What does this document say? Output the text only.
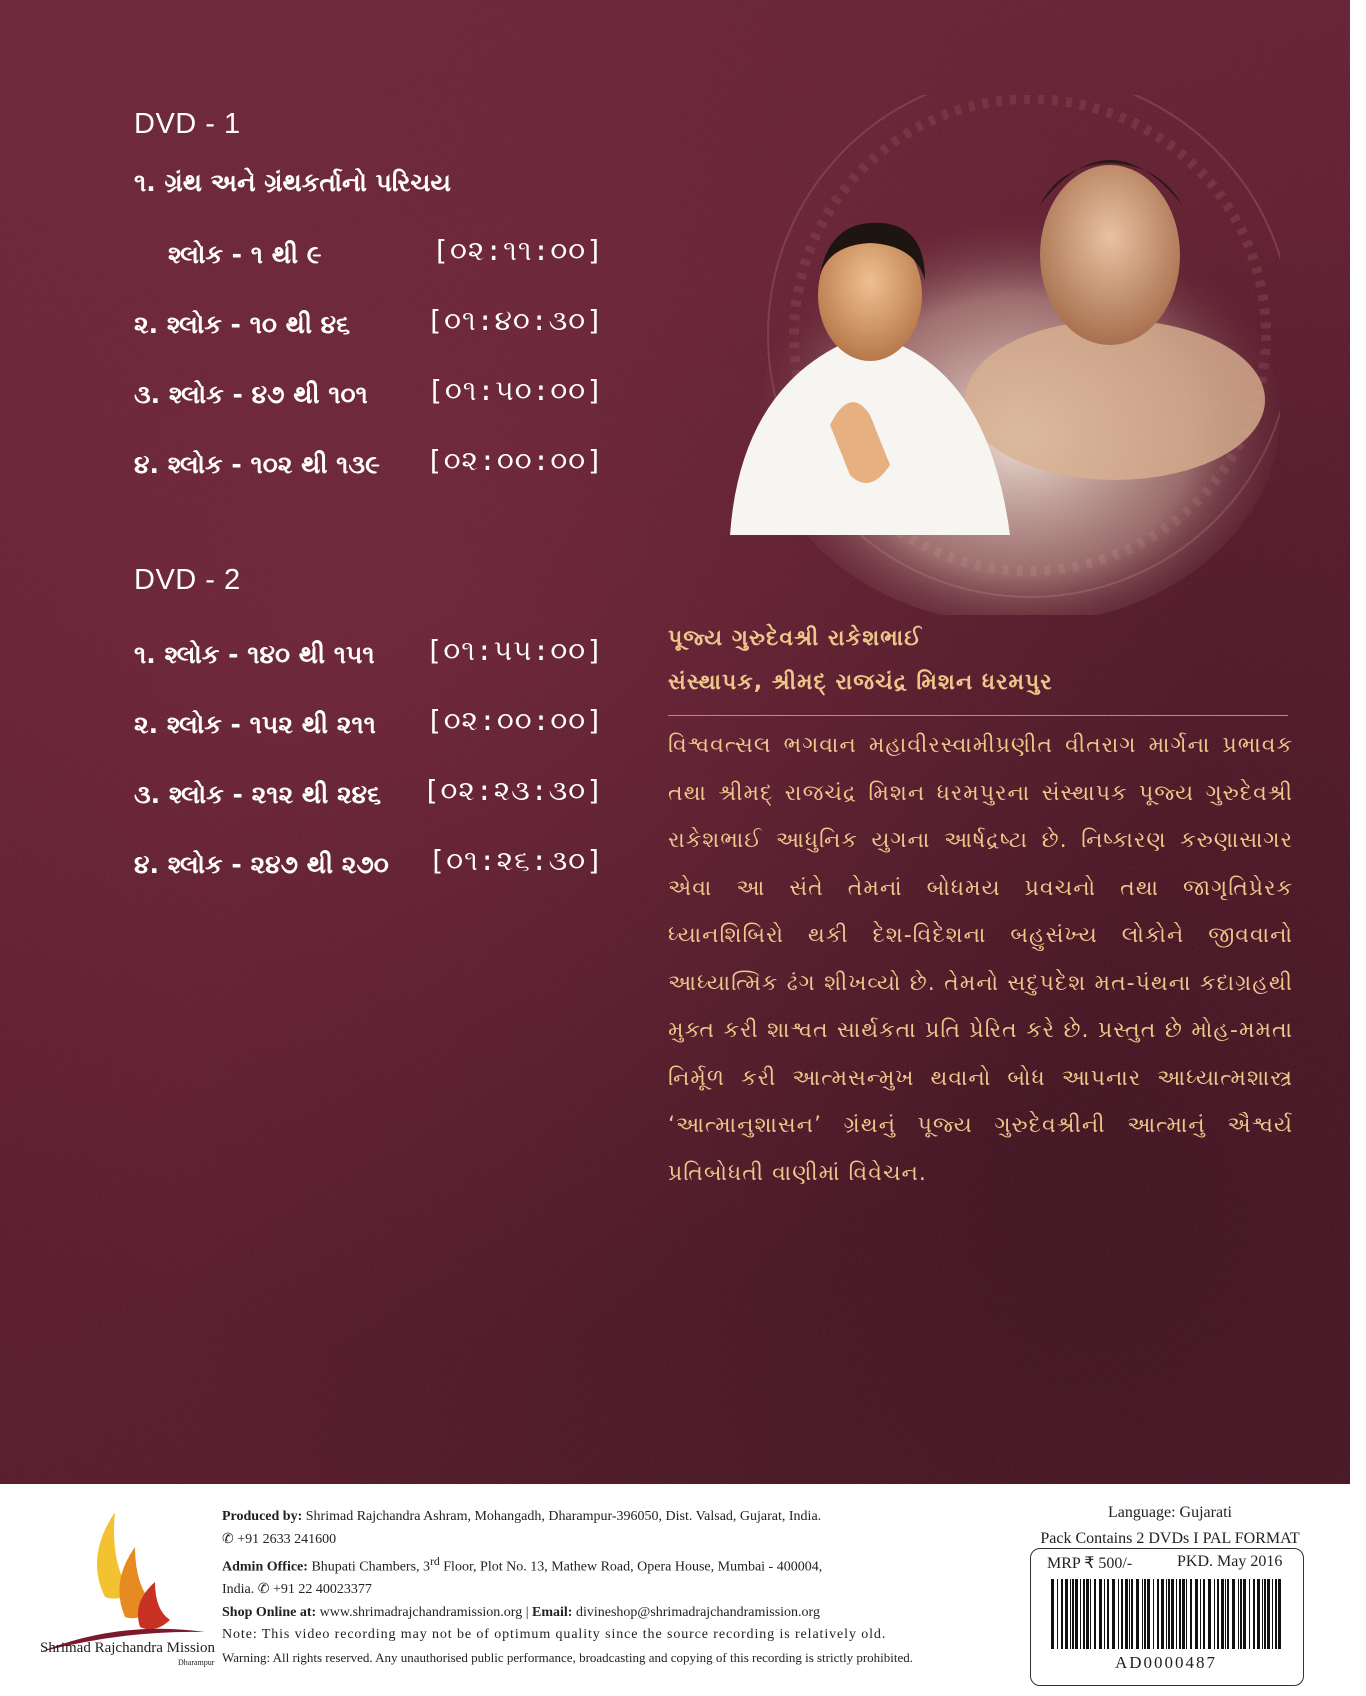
DVD - 1
૧. ગ્રંથ અને ગ્રંથકર્તાનો પરિચય
શ્લોક - ૧ થી ૯	[૦૨:૧૧:૦૦]
૨. શ્લોક - ૧૦ થી ૪૬	[૦૧:૪૦:૩૦]
૩. શ્લોક - ૪૭ થી ૧૦૧ [૦૧:૫૦:૦૦]
૪. શ્લોક - ૧૦૨ થી ૧૩૯ [૦૨:૦૦:૦૦]
DVD - 2
૧. શ્લોક - ૧૪૦ થી ૧૫૧ [૦૧:૫૫:૦૦]
૨. શ્લોક - ૧૫૨ થી ૨૧૧ [૦૨:૦૦:૦૦]
૩. શ્લોક - ૨૧૨ થી ૨૪૬ [૦૨:૨૩:૩૦]
૪. શ્લોક - ૨૪૭ થી ૨૭૦ [૦૧:૨૬:૩૦]
પૂજ્ય ગુરુદેવશ્રી રાકેશભાઈ
સંસ્થાપક, શ્રીમદ્ રાજચંદ્ર મિશન ધરમપુર
વિશ્વવત્સલ ભગવાન મહાવીરસ્વામીપ્રણીત વીતરાગ માર્ગના પ્રભાવક તથા શ્રીમદ્ રાજચંદ્ર મિશન ધરમપુરના સંસ્થાપક પૂજ્ય ગુરુદેવશ્રી રાકેશભાઈ આધુનિક યુગના આર્ષદ્રષ્ટા છે. નિષ્કારણ કરુણાસાગર એવા આ સંતે તેમનાં બોધમય પ્રવચનો તથા જાગૃતિપ્રેરક ધ્યાનશિબિરો થકી દેશ-વિદેશના બહુસંખ્ય લોકોને જીવવાનો આધ્યાત્મિક ઢંગ શીખવ્યો છે. તેમનો સદુપદેશ મત-પંથના કદાગ્રહથી મુક્ત કરી શાશ્વત સાર્થકતા પ્રતિ પ્રેરિત કરે છે. પ્રસ્તુત છે મોહ-મમતા નિર્મૂળ કરી આત્મસન્મુખ થવાનો બોધ આપનાર આધ્યાત્મશાસ્ત્ર ‘આત્માનુશાસન’ ગ્રંથનું પૂજ્ય ગુરુદેવશ્રીની આત્માનું ઐશ્વર્ય પ્રતિબોધતી વાણીમાં વિવેચન.
Shrimad Rajchandra Mission
Dharampur
Produced by: Shrimad Rajchandra Ashram, Mohangadh, Dharampur-396050, Dist. Valsad, Gujarat, India.
✆ +91 2633 241600
Admin Office: Bhupati Chambers, 3rd Floor, Plot No. 13, Mathew Road, Opera House, Mumbai - 400004,
India. ✆ +91 22 40023377
Shop Online at: www.shrimadrajchandramission.org | Email: divineshop@shrimadrajchandramission.org
Note: This video recording may not be of optimum quality since the source recording is relatively old.
Warning: All rights reserved. Any unauthorised public performance, broadcasting and copying of this recording is strictly prohibited.
Language: Gujarati
Pack Contains 2 DVDs I PAL FORMAT
MRP ₹ 500/-	PKD. May 2016
AD0000487
